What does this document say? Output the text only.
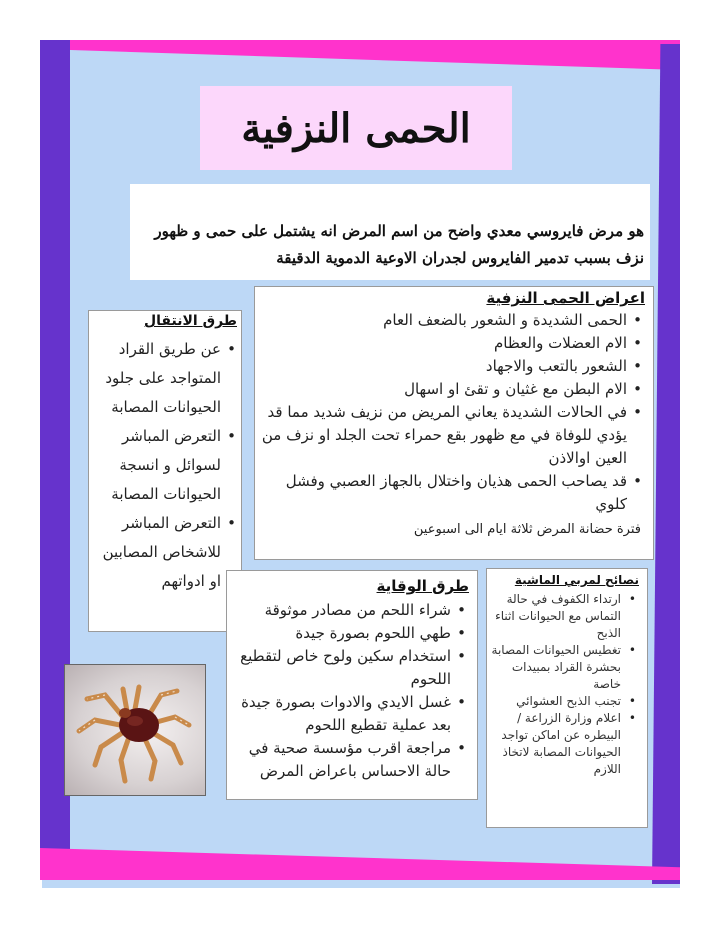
الحمى النزفية
هو مرض فايروسي معدي واضح من اسم المرض انه يشتمل على حمى و ظهور نزف بسبب تدمير الفايروس لجدران الاوعية الدموية الدقيقة
اعراض الحمى النزفية
• الحمى الشديدة و الشعور بالضعف العام
• الام العضلات والعظام
• الشعور بالتعب والاجهاد
• الام البطن مع غثيان و تقئ او اسهال
• في الحالات الشديدة يعاني المريض من نزيف شديد مما قد يؤدي للوفاة في مع ظهور بقع حمراء تحت الجلد او نزف من العين اوالاذن
• قد يصاحب الحمى هذيان واختلال بالجهاز العصبي وفشل كلوي
فترة حضانة المرض ثلاثة ايام الى اسبوعين
طرق الانتقال
• عن طريق القراد المتواجد على جلود الحيوانات المصابة
• التعرض المباشر لسوائل و انسجة الحيوانات المصابة
• التعرض المباشر للاشخاص المصابين او ادواتهم	طرق الوقاية
• شراء اللحم من مصادر موثوقة
• طهي اللحوم بصورة جيدة
• استخدام سكين ولوح خاص لتقطيع اللحوم
• غسل الايدي والادوات بصورة جيدة بعد عملية تقطيع اللحوم
• مراجعة اقرب مؤسسة صحية في حالة الاحساس باعراض المرض
نصائح لمربي الماشية
• ارتداء الكفوف في حالة التماس مع الحيوانات اثناء الذبح
• تغطيس الحيوانات المصابة بحشرة القراد بمبيدات خاصة
• تجنب الذبح العشوائي
• اعلام وزارة الزراعة / البيطره عن اماكن تواجد الحيوانات المصابة لاتخاذ اللازم
